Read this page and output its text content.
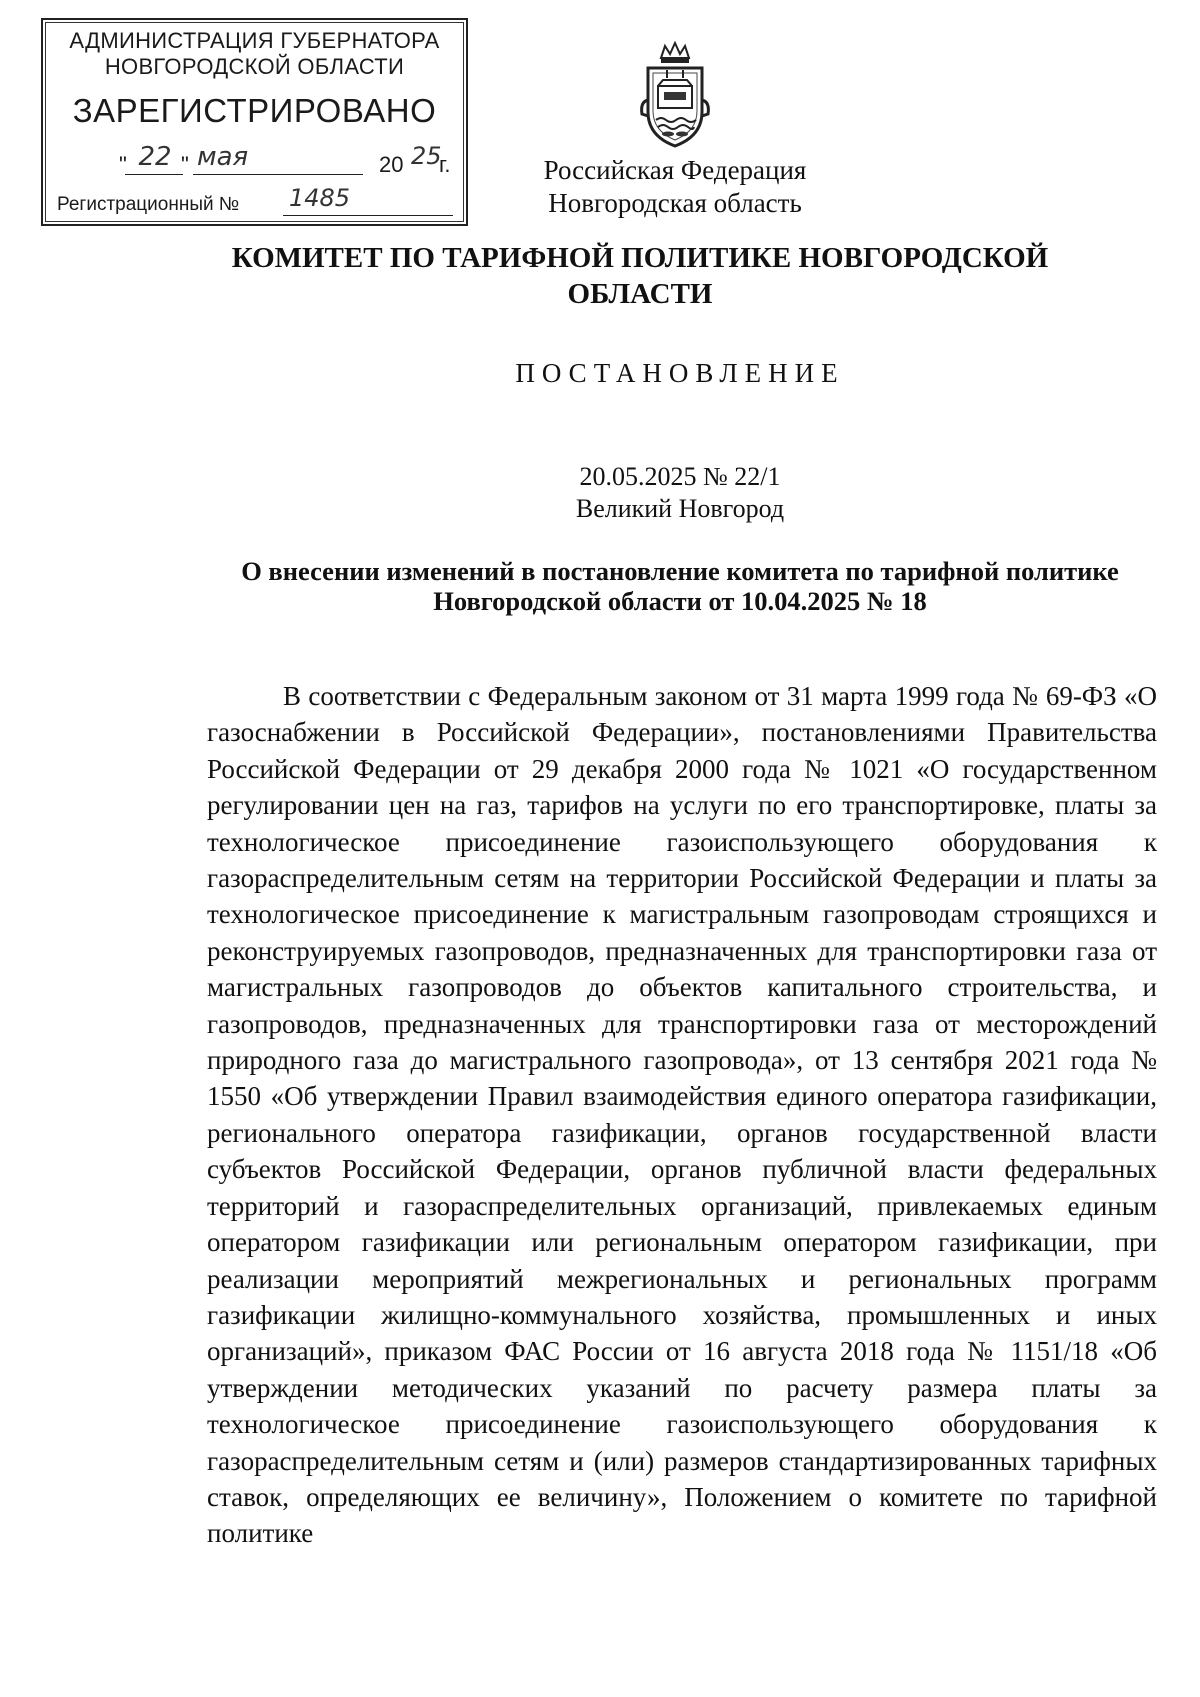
АДМИНИСТРАЦИЯ ГУБЕРНАТОРА
НОВГОРОДСКОЙ ОБЛАСТИ
ЗАРЕГИСТРИРОВАНО
" 22 " мая	20 25
г.
Регистрационный № 1485
Российская Федерация
Новгородская область
КОМИТЕТ ПО ТАРИФНОЙ ПОЛИТИКЕ НОВГОРОДСКОЙ ОБЛАСТИ
ПОСТАНОВЛЕНИЕ
20.05.2025 № 22/1
Великий Новгород
О внесении изменений в постановление комитета по тарифной политике Новгородской области от 10.04.2025 № 18

В соответствии с Федеральным законом от 31 марта 1999 года № 69-ФЗ «О газоснабжении в Российской Федерации», постановлениями Правительства Российской Федерации от 29 декабря 2000 года № 1021 «О государственном регулировании цен на газ, тарифов на услуги по его транспортировке, платы за технологическое присоединение газоиспользующего оборудования к газораспределительным сетям на территории Российской Федерации и платы за технологическое присоединение к магистральным газопроводам строящихся и реконструируемых газопроводов, предназначенных для транспортировки газа от магистральных газопроводов до объектов капитального строительства, и газопроводов, предназначенных для транспортировки газа от месторождений природного газа до магистрального газопровода», от 13 сентября 2021 года № 1550 «Об утверждении Правил взаимодействия единого оператора газификации, регионального оператора газификации, органов государственной власти субъектов Российской Федерации, органов публичной власти федеральных территорий и газораспределительных организаций, привлекаемых единым оператором газификации или региональным оператором газификации, при реализации мероприятий межрегиональных и региональных программ газификации жилищно-коммунального хозяйства, промышленных и иных организаций», приказом ФАС России от 16 августа 2018 года № 1151/18 «Об утверждении методических указаний по расчету размера платы за технологическое присоединение газоиспользующего оборудования к газораспределительным сетям и (или) размеров стандартизированных тарифных ставок, определяющих ее величину», Положением о комитете по тарифной политике
